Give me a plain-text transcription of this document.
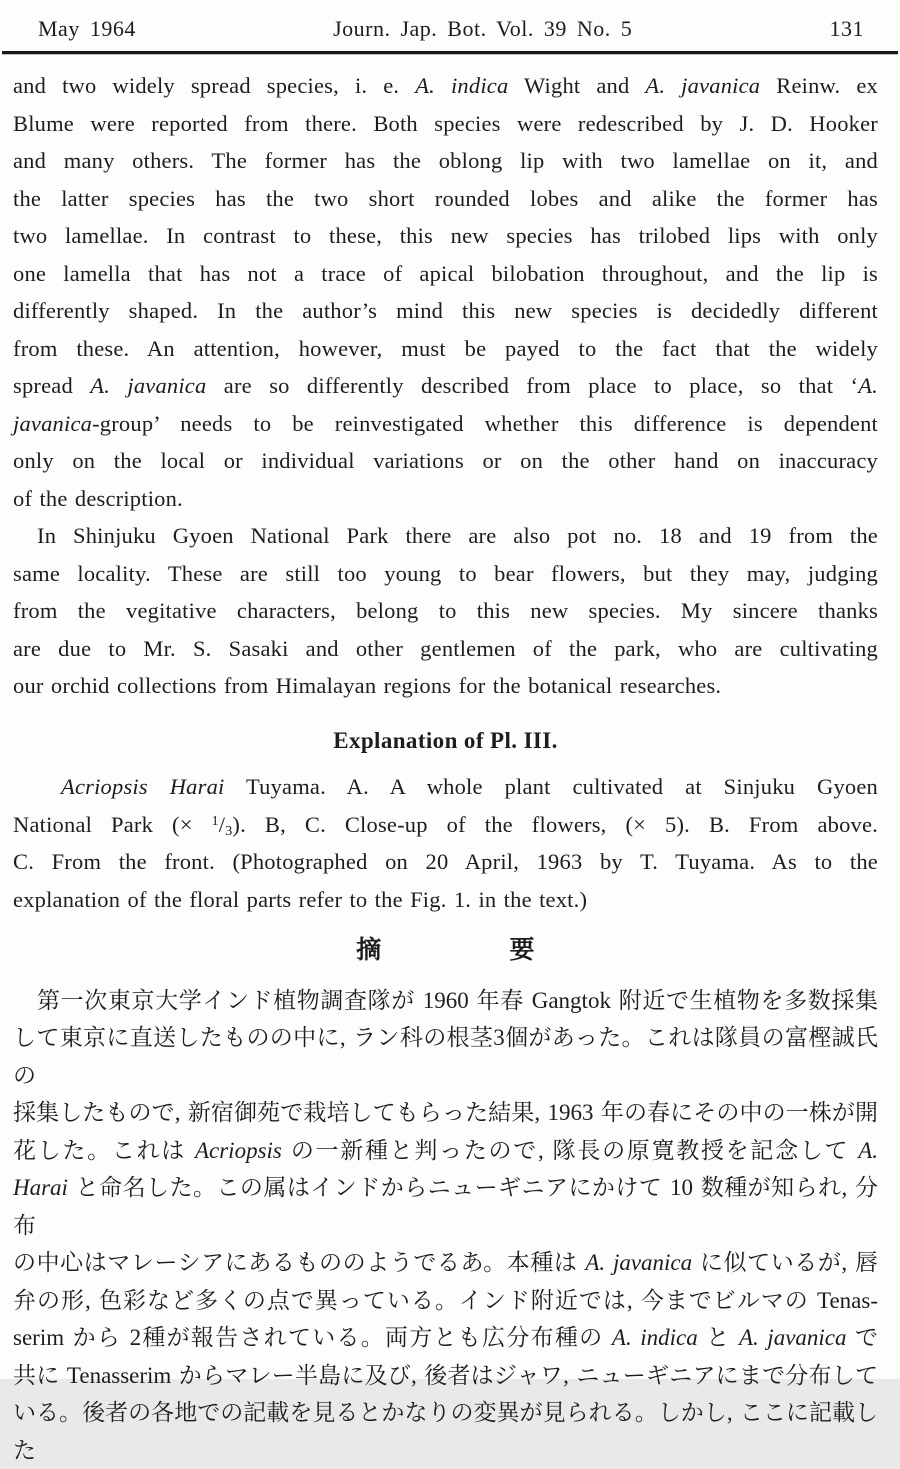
May 1964	Journ. Jap. Bot. Vol. 39 No. 5	131
and two widely spread species, i. e. A. indica Wight and A. javanica Reinw. ex
Blume were reported from there. Both species were redescribed by J. D. Hooker
and many others. The former has the oblong lip with two lamellae on it, and
the latter species has the two short rounded lobes and alike the former has
two lamellae. In contrast to these, this new species has trilobed lips with only
one lamella that has not a trace of apical bilobation throughout, and the lip is
differently shaped. In the author’s mind this new species is decidedly different
from these. An attention, however, must be payed to the fact that the widely
spread A. javanica are so differently described from place to place, so that ‘A.
javanica-group’ needs to be reinvestigated whether this difference is dependent
only on the local or individual variations or on the other hand on inaccuracy
of the description.
In Shinjuku Gyoen National Park there are also pot no. 18 and 19 from the
same locality. These are still too young to bear flowers, but they may, judging
from the vegitative characters, belong to this new species. My sincere thanks
are due to Mr. S. Sasaki and other gentlemen of the park, who are cultivating
our orchid collections from Himalayan regions for the botanical researches.
Explanation of Pl. III.
Acriopsis Harai Tuyama. A. A whole plant cultivated at Sinjuku Gyoen
National Park (× $^1/_3$). B, C. Close-up of the flowers, (× 5). B. From above.
C. From the front. (Photographed on 20 April, 1963 by T. Tuyama. As to the
explanation of the floral parts refer to the Fig. 1. in the text.)
摘	要
第一次東京大学インド植物調査隊が 1960 年春 Gangtok 附近で生植物を多数採集
して東京に直送したものの中に, ラン科の根茎3個があった。これは隊員の富樫誠氏の
採集したもので, 新宿御苑で栽培してもらった結果, 1963 年の春にその中の一株が開
花した。これは Acriopsis の一新種と判ったので, 隊長の原寛教授を記念して A.
Harai と命名した。この属はインドからニューギニアにかけて 10 数種が知られ, 分布
の中心はマレーシアにあるもののようでるあ。本種は A. javanica に似ているが, 唇
弁の形, 色彩など多くの点で異っている。インド附近では, 今までビルマの Tenas-
serim から 2種が報告されている。両方とも広分布種の A. indica と A. javanica で
共に Tenasserim からマレー半島に及び, 後者はジャワ, ニューギニアにまで分布して
いる。後者の各地での記載を見るとかなりの変異が見られる。しかし, ここに記載した
